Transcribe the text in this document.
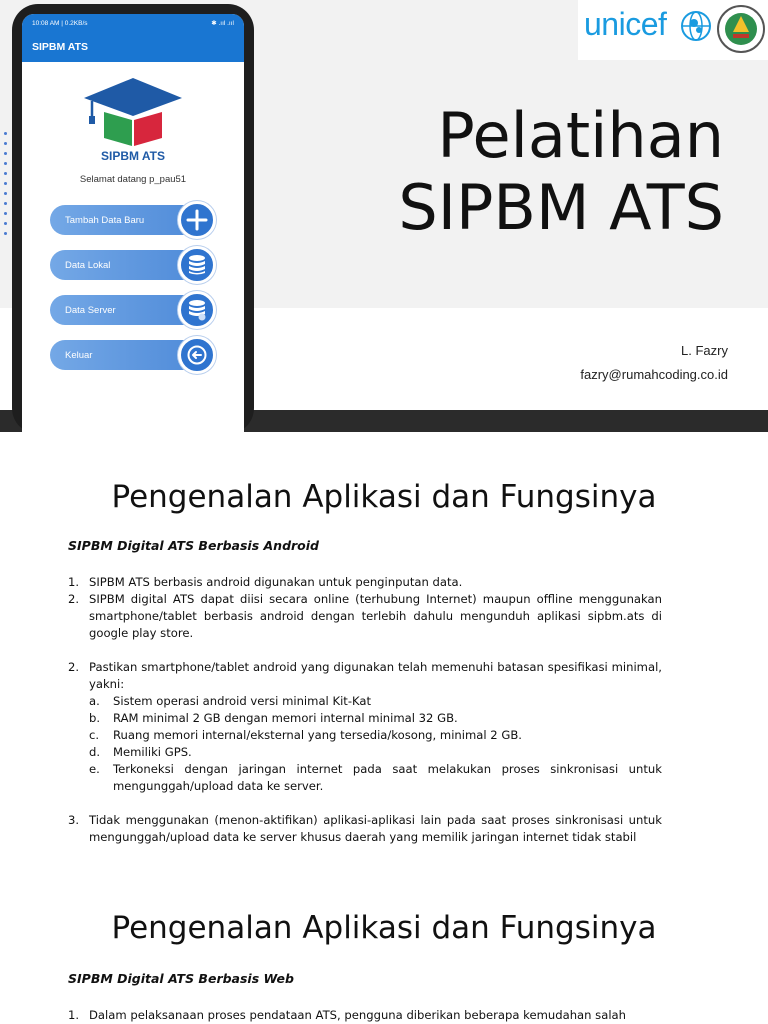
unicef
Pelatihan
SIPBM ATS
L. Fazry
fazry@rumahcoding.co.id
10:08 AM | 0.2KB/s	✱ .ııl .ııl
SIPBM ATS
SIPBM ATS
Selamat datang p_pau51
Tambah Data Baru
Data Lokal
Data Server
Keluar
Pengenalan Aplikasi dan Fungsinya
SIPBM Digital ATS Berbasis Android
1. SIPBM ATS berbasis android digunakan untuk penginputan data.
2. SIPBM digital ATS dapat diisi secara online (terhubung Internet) maupun offline menggunakan smartphone/tablet berbasis android dengan terlebih dahulu mengunduh aplikasi sipbm.ats di google play store.
2. Pastikan smartphone/tablet android yang digunakan telah memenuhi batasan spesifikasi minimal, yakni:
a.	Sistem operasi android versi minimal Kit-Kat
b.	RAM minimal 2 GB dengan memori internal minimal 32 GB.
c.	Ruang memori internal/eksternal yang tersedia/kosong, minimal 2 GB.
d.	Memiliki GPS.
e.	Terkoneksi dengan jaringan internet pada saat melakukan proses sinkronisasi untuk mengunggah/upload data ke server.
3. Tidak menggunakan (menon-aktifikan) aplikasi-aplikasi lain pada saat proses sinkronisasi untuk mengunggah/upload data ke server khusus daerah yang memilik jaringan internet tidak stabil
Pengenalan Aplikasi dan Fungsinya
SIPBM Digital ATS Berbasis Web
1. Dalam pelaksanaan proses pendataan ATS, pengguna diberikan beberapa kemudahan salah
